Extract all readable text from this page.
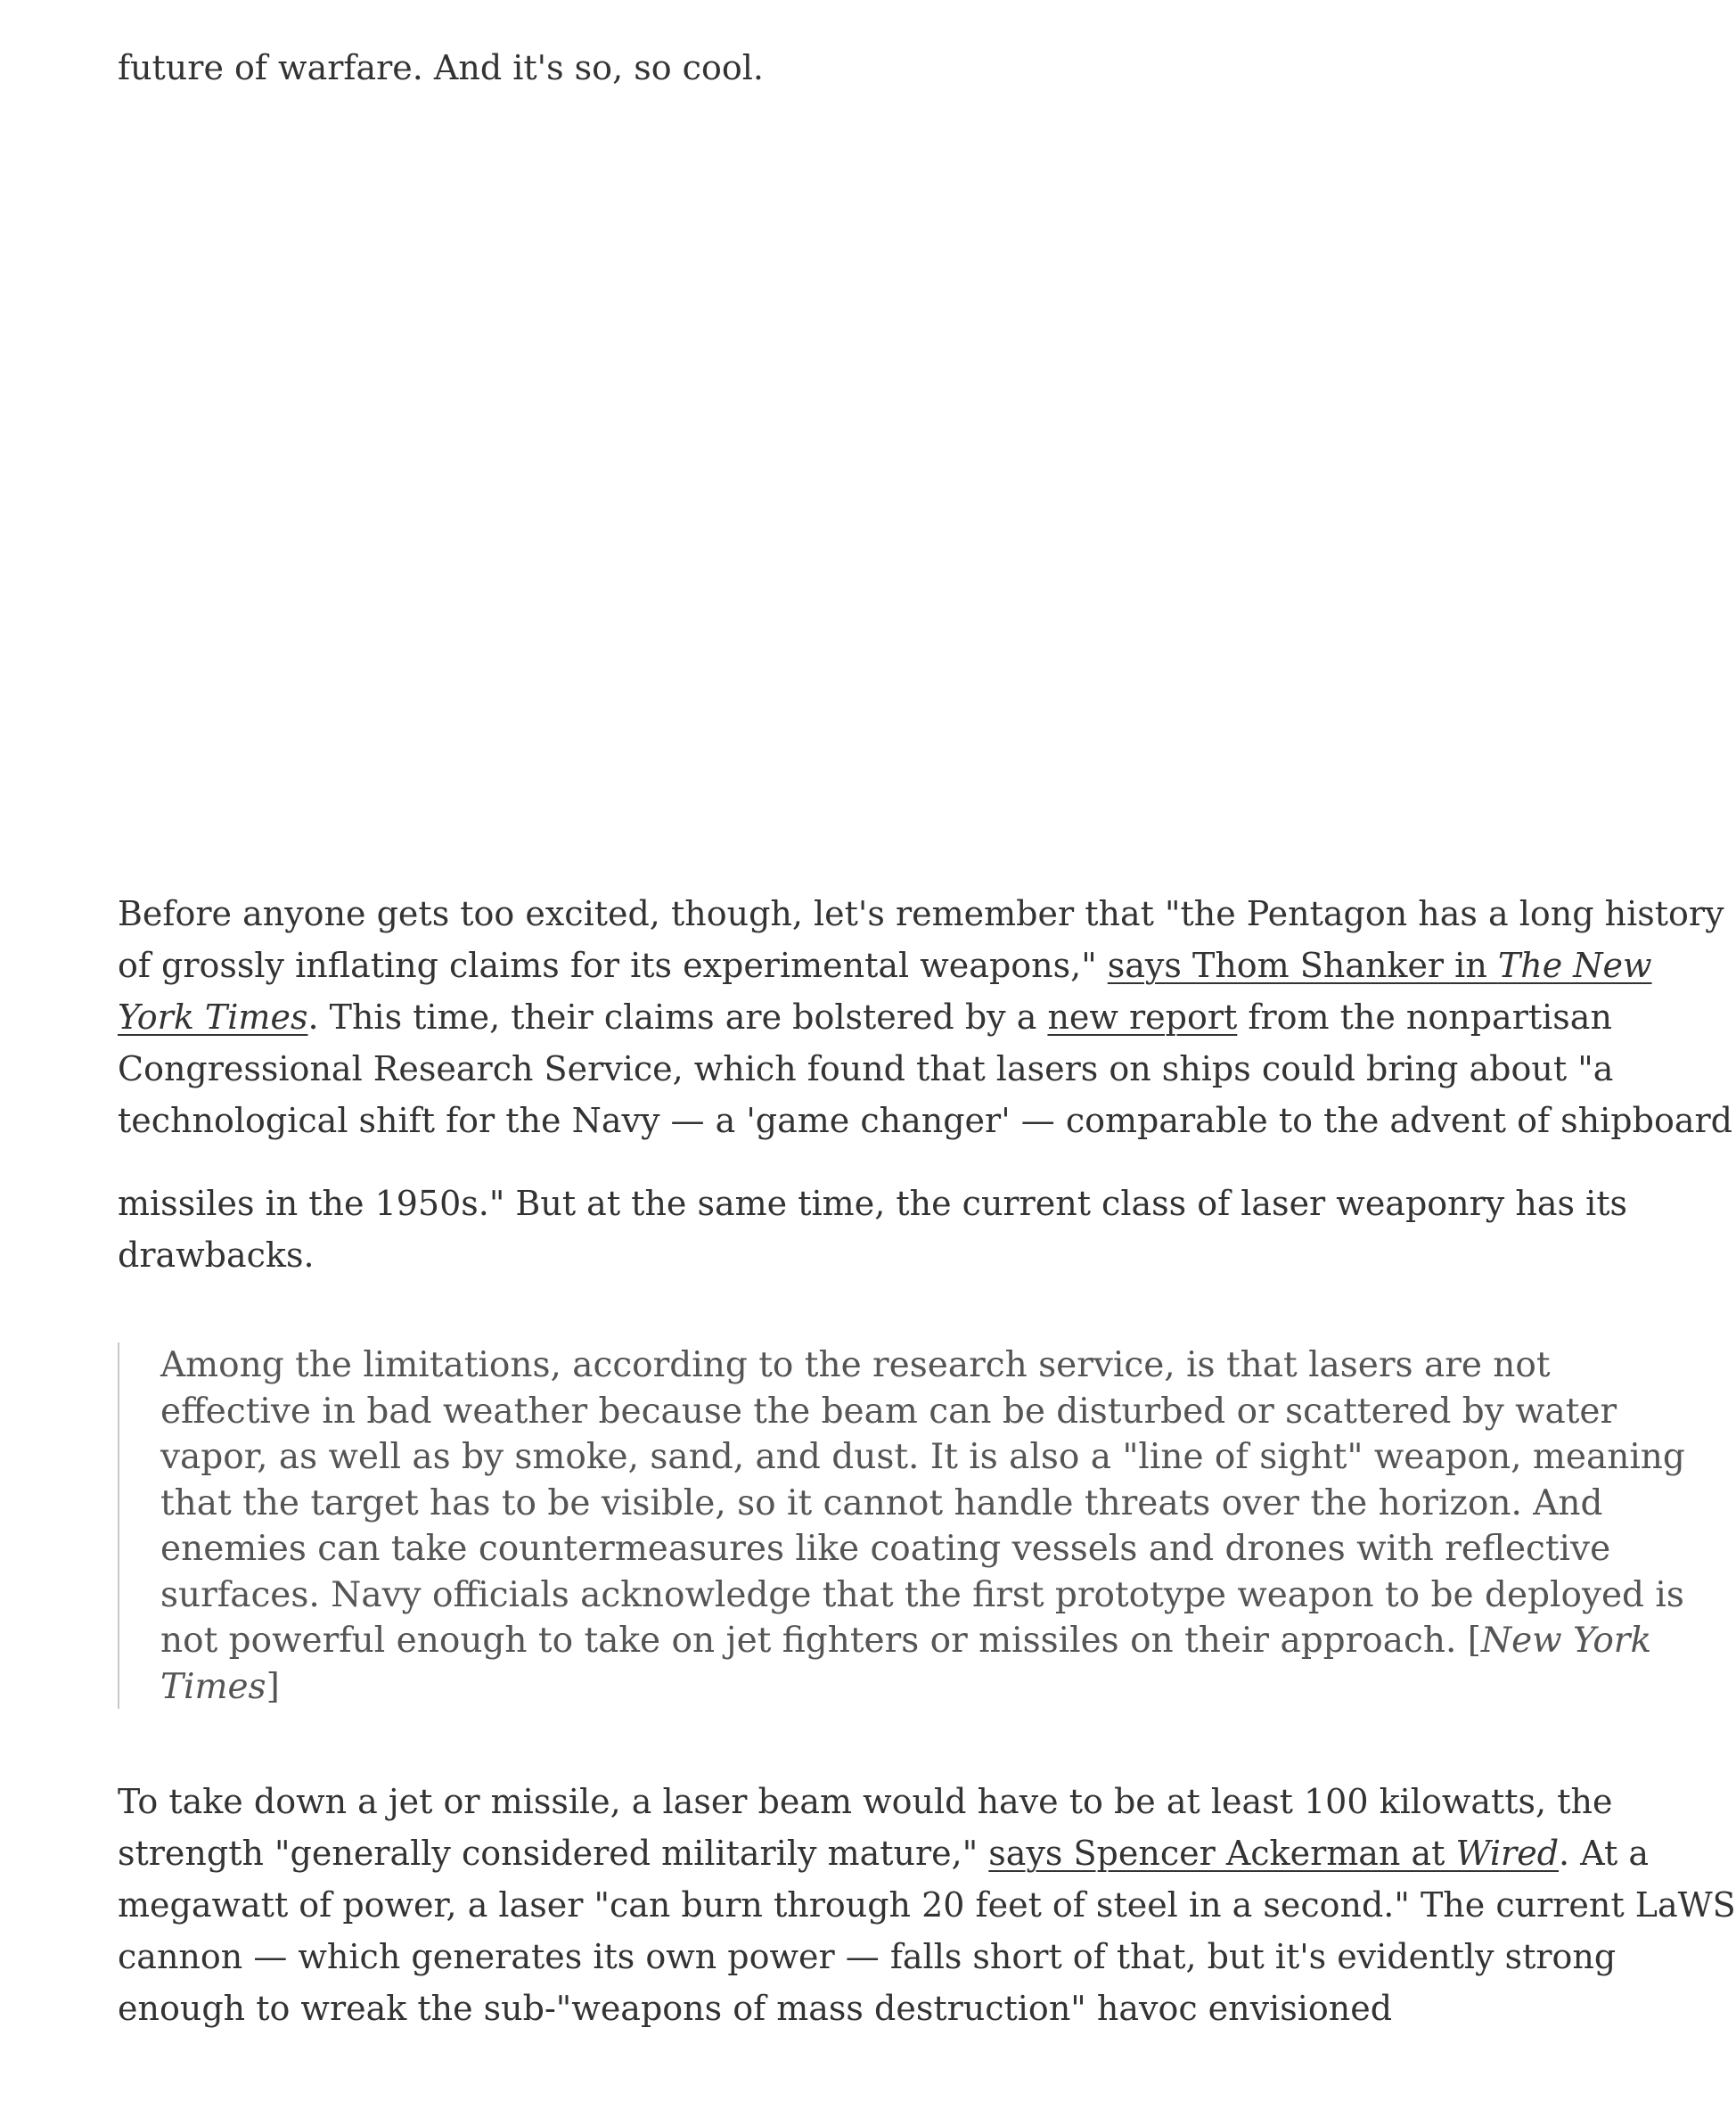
future of warfare. And it's so, so cool.

Before anyone gets too excited, though, let's remember that "the Pentagon has a long history
of grossly inflating claims for its experimental weapons," says Thom Shanker in The New
York Times. This time, their claims are bolstered by a new report from the nonpartisan
Congressional Research Service, which found that lasers on ships could bring about "a
technological shift for the Navy — a 'game changer' — comparable to the advent of shipboard
missiles in the 1950s." But at the same time, the current class of laser weaponry has its
drawbacks.
Among the limitations, according to the research service, is that lasers are not
effective in bad weather because the beam can be disturbed or scattered by water
vapor, as well as by smoke, sand, and dust. It is also a "line of sight" weapon, meaning
that the target has to be visible, so it cannot handle threats over the horizon. And
enemies can take countermeasures like coating vessels and drones with reflective
surfaces. Navy officials acknowledge that the first prototype weapon to be deployed is
not powerful enough to take on jet fighters or missiles on their approach. [New York
Times]
To take down a jet or missile, a laser beam would have to be at least 100 kilowatts, the
strength "generally considered militarily mature," says Spencer Ackerman at Wired. At a
megawatt of power, a laser "can burn through 20 feet of steel in a second." The current LaWS
cannon — which generates its own power — falls short of that, but it's evidently strong
enough to wreak the sub-"weapons of mass destruction" havoc envisioned
